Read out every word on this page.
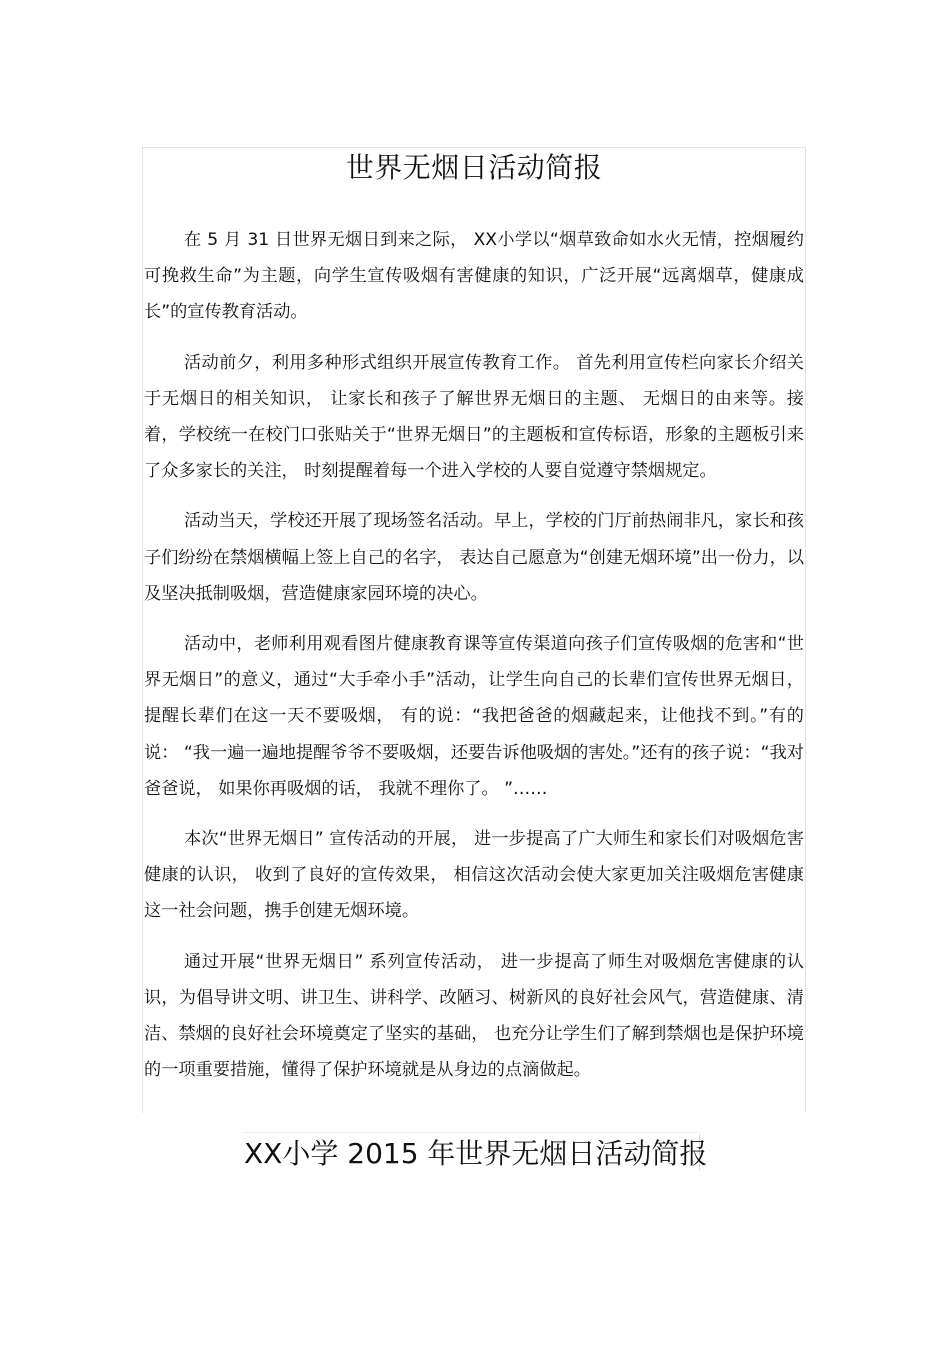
世界无烟日活动简报

在 5 月 31 日世界无烟日到来之际， XX小学以“烟草致命如水火无情，控烟履约可挽救生命”为主题，向学生宣传吸烟有害健康的知识，广泛开展“远离烟草，健康成长”的宣传教育活动。

活动前夕，利用多种形式组织开展宣传教育工作。 首先利用宣传栏向家长介绍关于无烟日的相关知识， 让家长和孩子了解世界无烟日的主题、 无烟日的由来等。接着，学校统一在校门口张贴关于“世界无烟日”的主题板和宣传标语，形象的主题板引来了众多家长的关注， 时刻提醒着每一个进入学校的人要自觉遵守禁烟规定。

活动当天，学校还开展了现场签名活动。早上，学校的门厅前热闹非凡，家长和孩子们纷纷在禁烟横幅上签上自己的名字， 表达自己愿意为“创建无烟环境”出一份力，以及坚决抵制吸烟，营造健康家园环境的决心。

活动中，老师利用观看图片健康教育课等宣传渠道向孩子们宣传吸烟的危害和“世界无烟日”的意义，通过“大手牵小手”活动，让学生向自己的长辈们宣传世界无烟日， 提醒长辈们在这一天不要吸烟， 有的说：“我把爸爸的烟藏起来，让他找不到。”有的说： “我一遍一遍地提醒爷爷不要吸烟，还要告诉他吸烟的害处。”还有的孩子说：“我对爸爸说， 如果你再吸烟的话， 我就不理你了。 ”……

本次“世界无烟日” 宣传活动的开展， 进一步提高了广大师生和家长们对吸烟危害健康的认识， 收到了良好的宣传效果， 相信这次活动会使大家更加关注吸烟危害健康这一社会问题，携手创建无烟环境。

通过开展“世界无烟日” 系列宣传活动， 进一步提高了师生对吸烟危害健康的认识，为倡导讲文明、讲卫生、讲科学、改陋习、树新风的良好社会风气，营造健康、清洁、禁烟的良好社会环境奠定了坚实的基础， 也充分让学生们了解到禁烟也是保护环境的一项重要措施，懂得了保护环境就是从身边的点滴做起。

XX小学 2015 年世界无烟日活动简报
